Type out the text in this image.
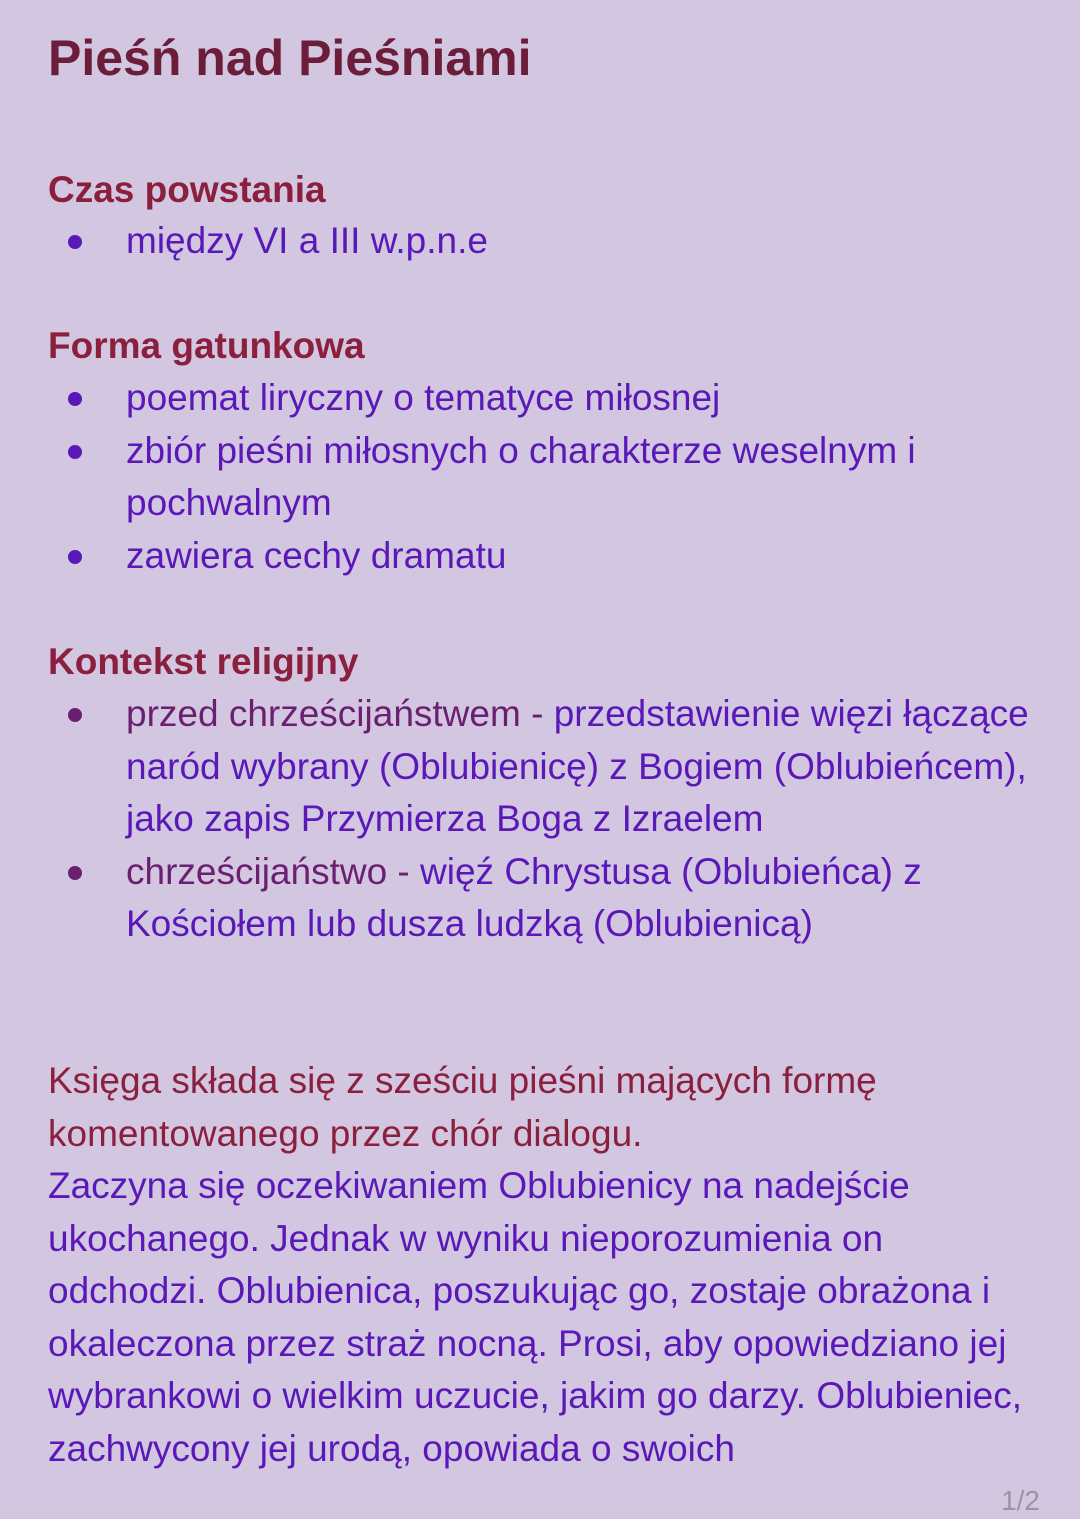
Pieśń nad Pieśniami
Czas powstania
między VI a III w.p.n.e
Forma gatunkowa
poemat liryczny o tematyce miłosnej
zbiór pieśni miłosnych o charakterze weselnym i pochwalnym
zawiera cechy dramatu
Kontekst religijny
przed chrześcijaństwem - przedstawienie więzi łączące naród wybrany (Oblubienicę) z Bogiem (Oblubieńcem), jako zapis Przymierza Boga z Izraelem
chrześcijaństwo - więź Chrystusa (Oblubieńca) z Kościołem lub dusza ludzką (Oblubienicą)

Księga składa się z sześciu pieśni mających formę komentowanego przez chór dialogu.
Zaczyna się oczekiwaniem Oblubienicy na nadejście ukochanego. Jednak w wyniku nieporozumienia on odchodzi. Oblubienica, poszukując go, zostaje obrażona i okaleczona przez straż nocną. Prosi, aby opowiedziano jej wybrankowi o wielkim uczucie, jakim go darzy. Oblubieniec, zachwycony jej urodą, opowiada o swoich

1/2
